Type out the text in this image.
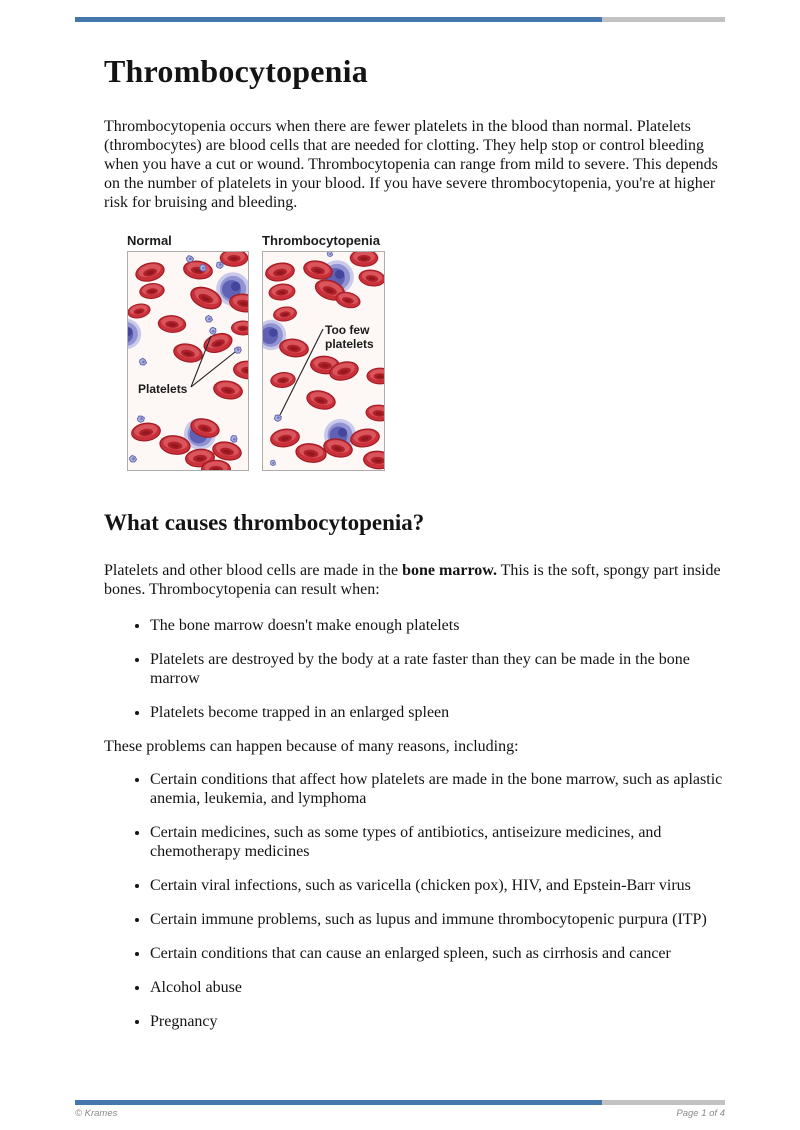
Thrombocytopenia

Thrombocytopenia occurs when there are fewer platelets in the blood than normal. Platelets (thrombocytes) are blood cells that are needed for clotting. They help stop or control bleeding when you have a cut or wound. Thrombocytopenia can range from mild to severe. This depends on the number of platelets in your blood. If you have severe thrombocytopenia, you're at higher risk for bruising and bleeding.

Normal	Thrombocytopenia
Platelets
Too few
platelets
What causes thrombocytopenia?

Platelets and other blood cells are made in the bone marrow. This is the soft, spongy part inside bones. Thrombocytopenia can result when:

• The bone marrow doesn't make enough platelets
• Platelets are destroyed by the body at a rate faster than they can be made in the bone marrow
• Platelets become trapped in an enlarged spleen

These problems can happen because of many reasons, including:

• Certain conditions that affect how platelets are made in the bone marrow, such as aplastic anemia, leukemia, and lymphoma
• Certain medicines, such as some types of antibiotics, antiseizure medicines, and chemotherapy medicines
• Certain viral infections, such as varicella (chicken pox), HIV, and Epstein-Barr virus
• Certain immune problems, such as lupus and immune thrombocytopenic purpura (ITP)
• Certain conditions that can cause an enlarged spleen, such as cirrhosis and cancer
• Alcohol abuse
• Pregnancy
© Krames	Page 1 of 4
